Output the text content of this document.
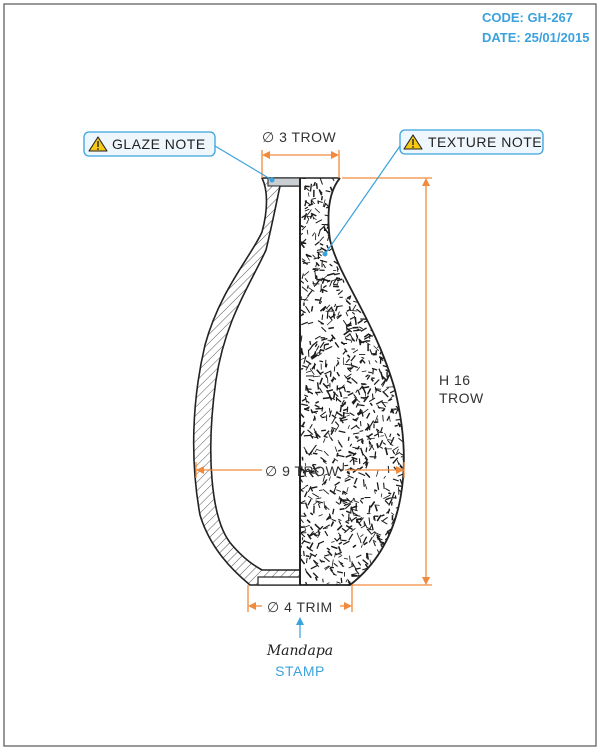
CODE: GH-267
DATE: 25/01/2015
∅ 3 TROW
∅ 9 TROW
∅ 4 TRIM
H 16
TROW
GLAZE NOTE	TEXTURE NOTE
Mandapa
STAMP
